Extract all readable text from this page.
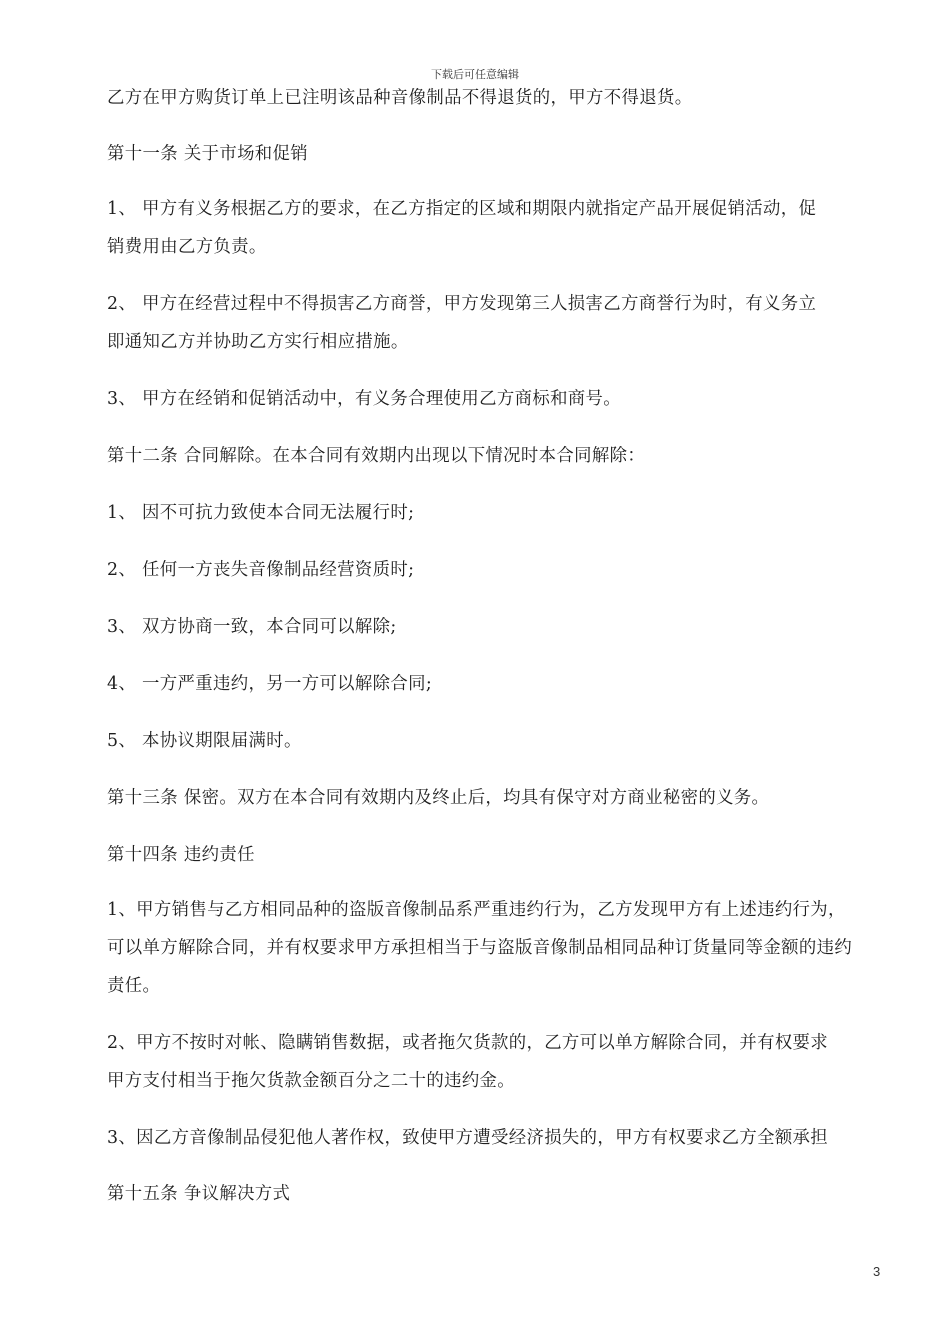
下载后可任意编辑
乙方在甲方购货订单上已注明该品种音像制品不得退货的，甲方不得退货。
第十一条 关于市场和促销
1、 甲方有义务根据乙方的要求，在乙方指定的区域和期限内就指定产品开展促销活动，促
销费用由乙方负责。
2、 甲方在经营过程中不得损害乙方商誉，甲方发现第三人损害乙方商誉行为时，有义务立
即通知乙方并协助乙方实行相应措施。
3、 甲方在经销和促销活动中，有义务合理使用乙方商标和商号。
第十二条 合同解除。在本合同有效期内出现以下情况时本合同解除：
1、 因不可抗力致使本合同无法履行时;
2、 任何一方丧失音像制品经营资质时;
3、 双方协商一致，本合同可以解除;
4、 一方严重违约，另一方可以解除合同;
5、 本协议期限届满时。
第十三条 保密。双方在本合同有效期内及终止后，均具有保守对方商业秘密的义务。
第十四条 违约责任
1、甲方销售与乙方相同品种的盗版音像制品系严重违约行为，乙方发现甲方有上述违约行为，
可以单方解除合同，并有权要求甲方承担相当于与盗版音像制品相同品种订货量同等金额的违约
责任。
2、甲方不按时对帐、隐瞒销售数据，或者拖欠货款的，乙方可以单方解除合同，并有权要求
甲方支付相当于拖欠货款金额百分之二十的违约金。
3、因乙方音像制品侵犯他人著作权，致使甲方遭受经济损失的，甲方有权要求乙方全额承担
第十五条 争议解决方式
3
